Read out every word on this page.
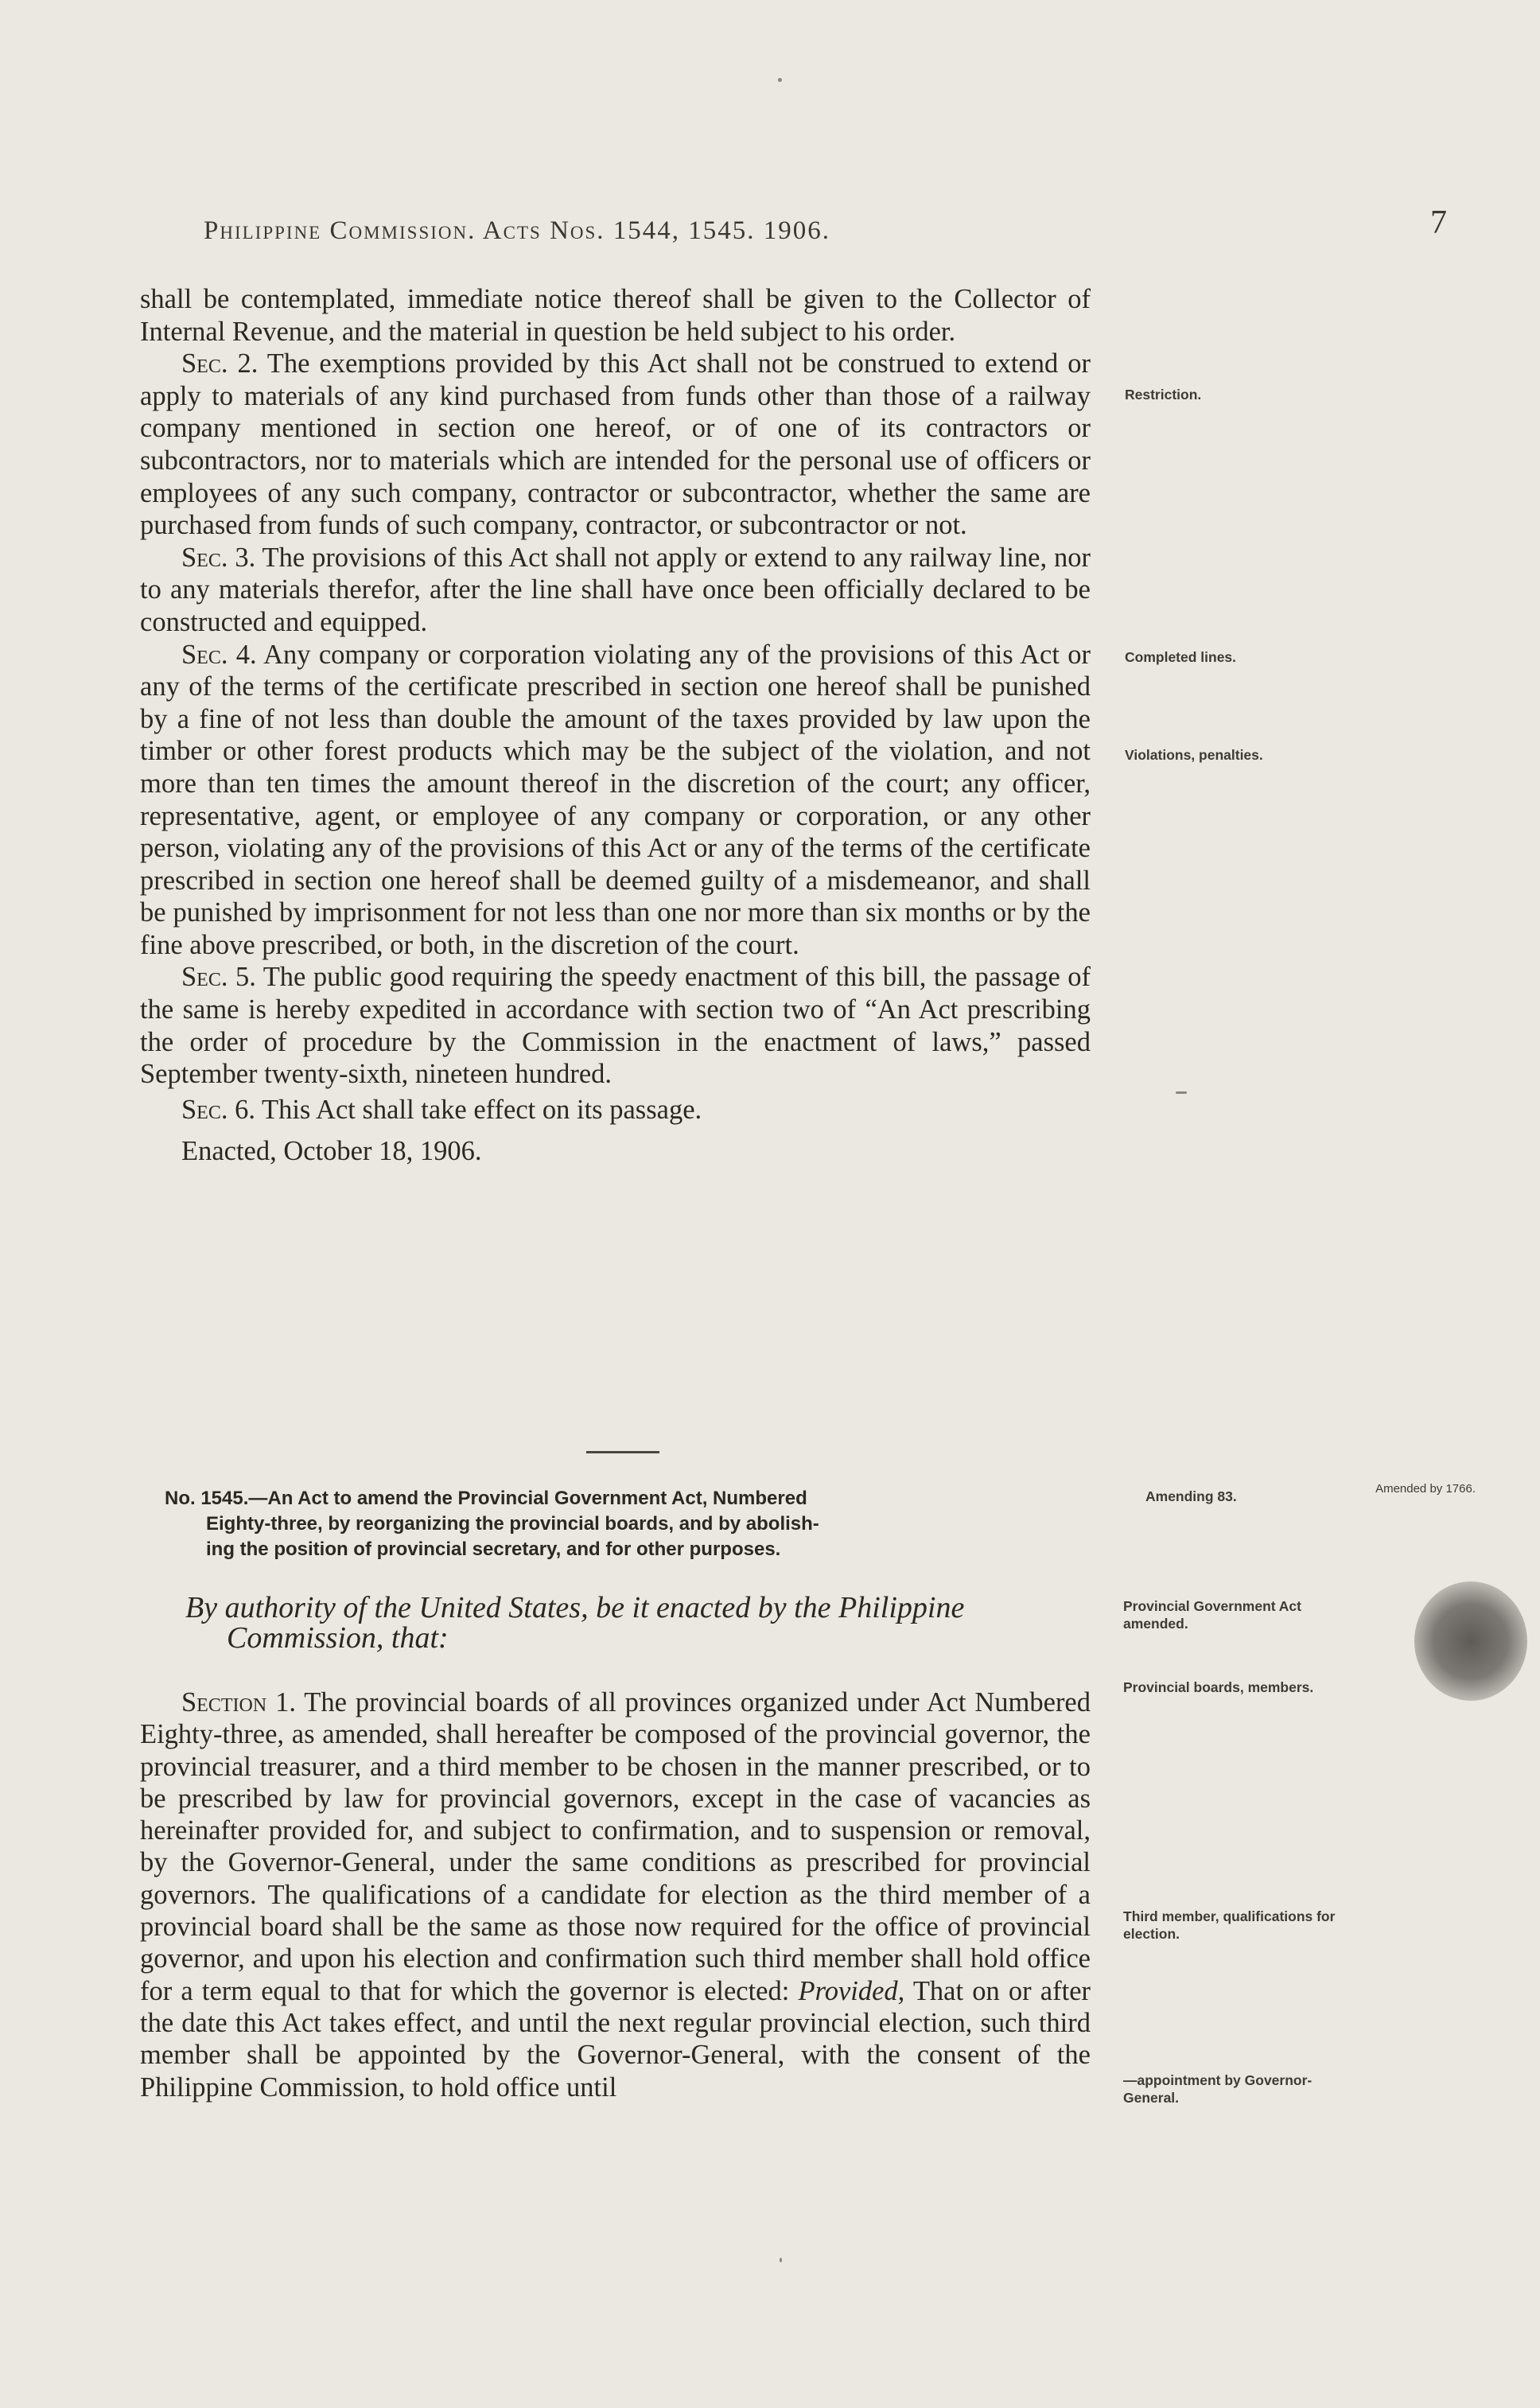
Philippine Commission. Acts Nos. 1544, 1545. 1906.	7

shall be contemplated, immediate notice thereof shall be given to the Collector of Internal Revenue, and the material in question be held subject to his order.

Sec. 2. The exemptions provided by this Act shall not be construed to extend or apply to materials of any kind purchased from funds other than those of a railway company mentioned in section one hereof, or of one of its contractors or subcontractors, nor to materials which are intended for the personal use of officers or employees of any such company, contractor or subcontractor, whether the same are purchased from funds of such company, contractor, or subcontractor or not.

Sec. 3. The provisions of this Act shall not apply or extend to any railway line, nor to any materials therefor, after the line shall have once been officially declared to be constructed and equipped.

Sec. 4. Any company or corporation violating any of the provisions of this Act or any of the terms of the certificate prescribed in section one hereof shall be punished by a fine of not less than double the amount of the taxes provided by law upon the timber or other forest products which may be the subject of the violation, and not more than ten times the amount thereof in the discretion of the court; any officer, representative, agent, or employee of any company or corporation, or any other person, violating any of the provisions of this Act or any of the terms of the certificate prescribed in section one hereof shall be deemed guilty of a misdemeanor, and shall be punished by imprisonment for not less than one nor more than six months or by the fine above prescribed, or both, in the discretion of the court.

Sec. 5. The public good requiring the speedy enactment of this bill, the passage of the same is hereby expedited in accordance with section two of “An Act prescribing the order of procedure by the Commission in the enactment of laws,” passed September twenty-sixth, nineteen hundred.

Sec. 6. This Act shall take effect on its passage.

Enacted, October 18, 1906.

No. 1545.—An Act to amend the Provincial Government Act, Numbered
Eighty-three, by reorganizing the provincial boards, and by abolish-
ing the position of provincial secretary, and for other purposes.
By authority of the United States, be it enacted by the Philippine
Commission, that:

Section 1. The provincial boards of all provinces organized under Act Numbered Eighty-three, as amended, shall hereafter be composed of the provincial governor, the provincial treasurer, and a third member to be chosen in the manner prescribed, or to be prescribed by law for provincial governors, except in the case of vacancies as hereinafter provided for, and subject to confirmation, and to suspension or removal, by the Governor-General, under the same conditions as prescribed for provincial governors. The qualifications of a candidate for election as the third member of a provincial board shall be the same as those now required for the office of provincial governor, and upon his election and confirmation such third member shall hold office for a term equal to that for which the governor is elected: Provided, That on or after the date this Act takes effect, and until the next regular provincial election, such third member shall be appointed by the Governor-General, with the consent of the Philippine Commission, to hold office until

Restriction.
Completed lines.
Violations, penalties.
Amending 83.	Amended by 1766.
Provincial Government Act amended.
Provincial boards, members.
Third member, qualifications for election.
—appointment by Governor-General.
